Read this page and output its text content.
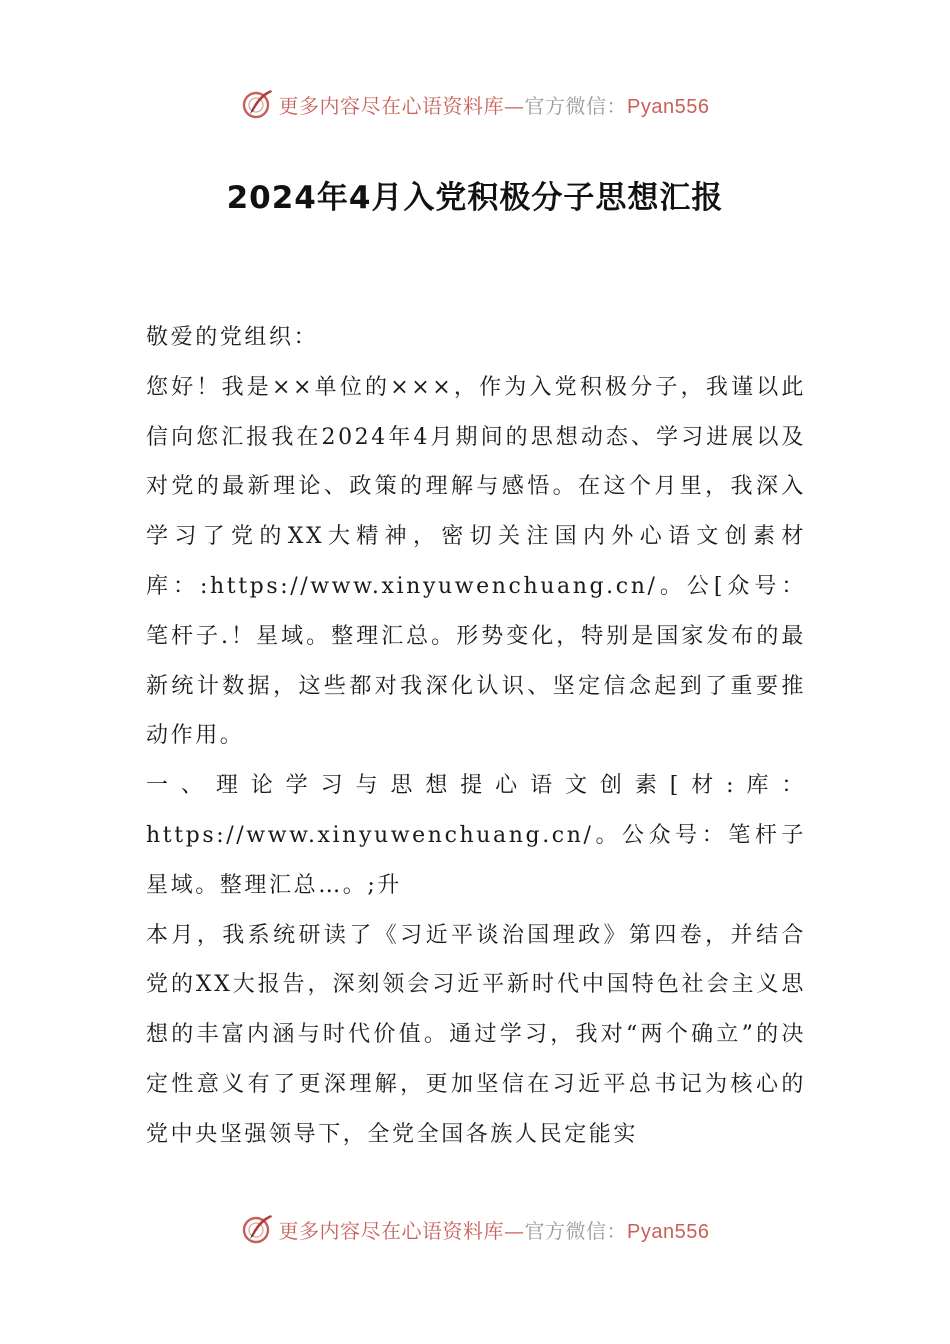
更多内容尽在心语资料库—官方微信：Pyan556
2024年4月入党积极分子思想汇报

敬爱的党组织：

您好！我是××单位的×××，作为入党积极分子，我谨以此信向您汇报我在2024年4月期间的思想动态、学习进展以及对党的最新理论、政策的理解与感悟。在这个月里，我深入学习了党的XX大精神，密切关注国内外心语文创素材库：:https://www.xinyuwenchuang.cn/。公[众号：笔杆子.！星域。整理汇总。形势变化，特别是国家发布的最新统计数据，这些都对我深化认识、坚定信念起到了重要推动作用。

一、理论学习与思想提心语文创素[材:库：https://www.xinyuwenchuang.cn/。公众号：笔杆子星域。整理汇总…。;升

本月，我系统研读了《习近平谈治国理政》第四卷，并结合党的XX大报告，深刻领会习近平新时代中国特色社会主义思想的丰富内涵与时代价值。通过学习，我对“两个确立”的决定性意义有了更深理解，更加坚信在习近平总书记为核心的党中央坚强领导下，全党全国各族人民定能实

更多内容尽在心语资料库—官方微信：Pyan556
